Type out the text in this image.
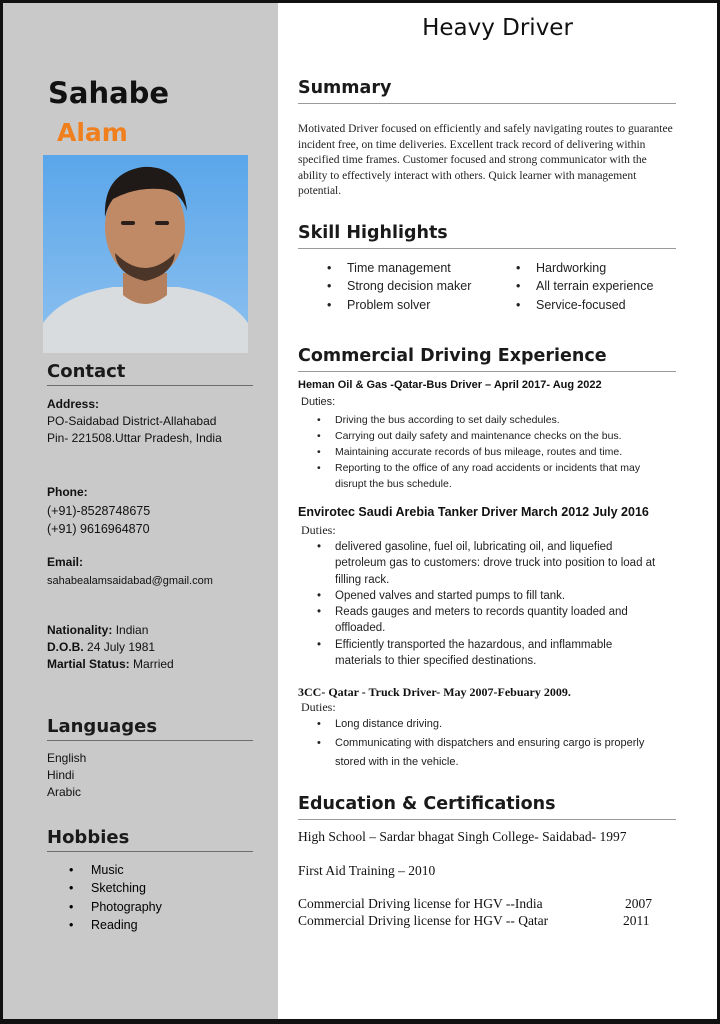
Sahabe
Alam
Contact
Address:
PO-Saidabad District-Allahabad
Pin- 221508.Uttar Pradesh, India
Phone:
(+91)-8528748675
(+91) 9616964870
Email:
sahabealamsaidabad@gmail.com
Nationality: Indian
D.O.B. 24 July 1981
Martial Status: Married
Languages
English
Hindi
Arabic
Hobbies
• Music
• Sketching
• Photography
• Reading
Heavy Driver
Summary
Motivated Driver focused on efficiently and safely navigating routes to guarantee incident free, on time deliveries. Excellent track record of delivering within specified time frames. Customer focused and strong communicator with the ability to effectively interact with others. Quick learner with management potential.
Skill Highlights
• Time management
• Strong decision maker
• Problem solver
• Hardworking
• All terrain experience
• Service-focused
Commercial Driving Experience
Heman Oil & Gas -Qatar-Bus Driver – April 2017- Aug 2022
Duties:
• Driving the bus according to set daily schedules.
• Carrying out daily safety and maintenance checks on the bus.
• Maintaining accurate records of bus mileage, routes and time.
• Reporting to the office of any road accidents or incidents that may disrupt the bus schedule.
Envirotec Saudi Arebia Tanker Driver March 2012 July 2016
Duties:
• delivered gasoline, fuel oil, lubricating oil, and liquefied petroleum gas to customers: drove truck into position to load at filling rack.
• Opened valves and started pumps to fill tank.
• Reads gauges and meters to records quantity loaded and offloaded.
• Efficiently transported the hazardous, and inflammable materials to thier specified destinations.
3CC- Qatar - Truck Driver- May 2007-Febuary 2009.
Duties:
• Long distance driving.
• Communicating with dispatchers and ensuring cargo is properly stored with in the vehicle.
Education & Certifications
High School – Sardar bhagat Singh College- Saidabad- 1997
First Aid Training – 2010
Commercial Driving license for HGV --India	2007
Commercial Driving license for HGV -- Qatar	2011
